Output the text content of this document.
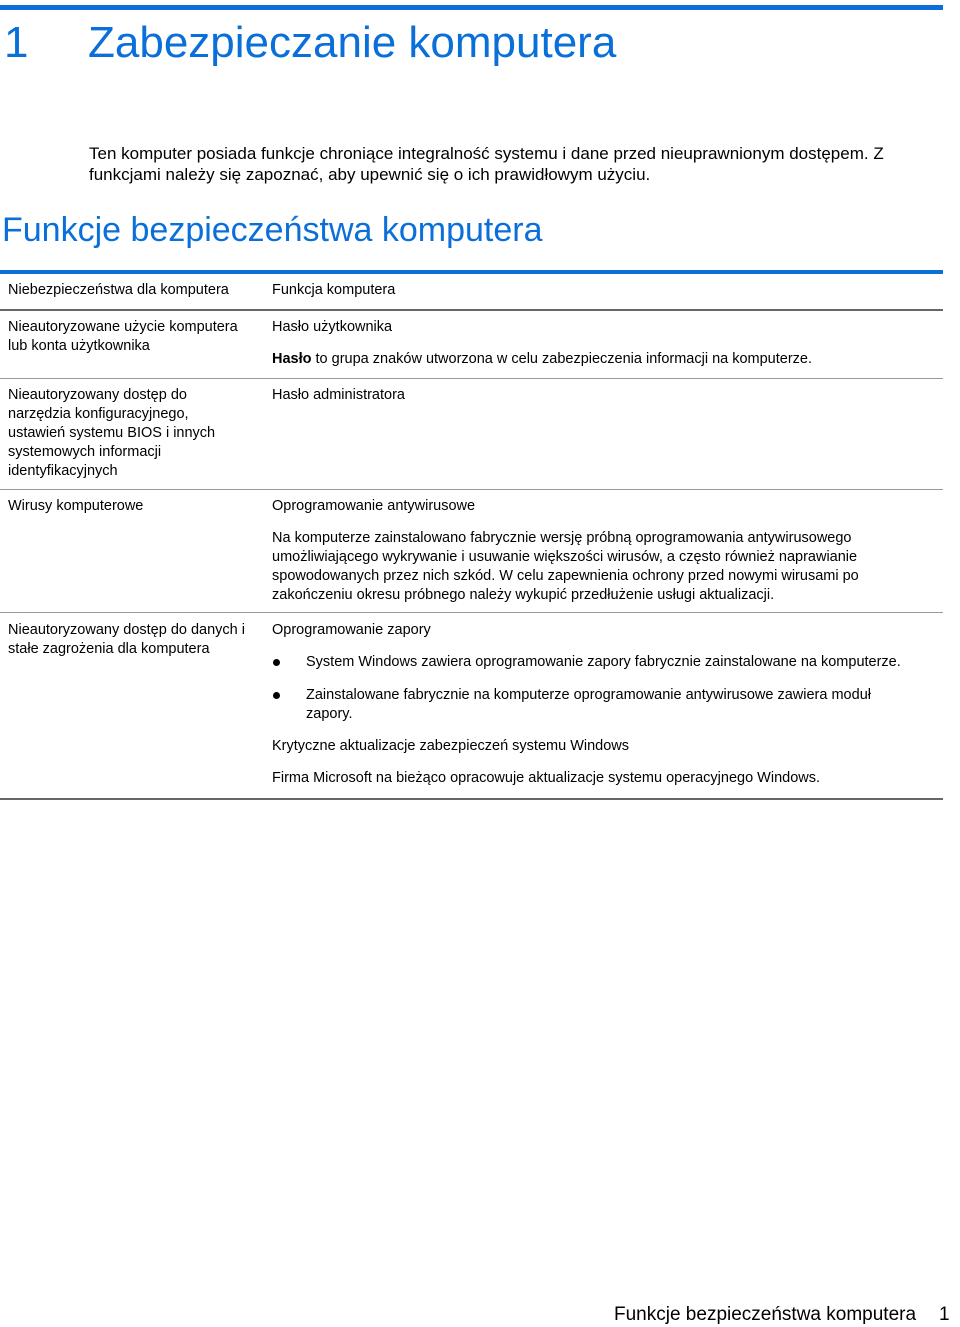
1 Zabezpieczanie komputera

Ten komputer posiada funkcje chroniące integralność systemu i dane przed nieuprawnionym dostępem. Z funkcjami należy się zapoznać, aby upewnić się o ich prawidłowym użyciu.

Funkcje bezpieczeństwa komputera

Niebezpieczeństwa dla komputera	Funkcja komputera

Nieautoryzowane użycie komputera lub konta użytkownika

Hasło użytkownika

Hasło to grupa znaków utworzona w celu zabezpieczenia informacji na komputerze.

Nieautoryzowany dostęp do narzędzia konfiguracyjnego, ustawień systemu BIOS i innych systemowych informacji identyfikacyjnych

Hasło administratora

Wirusy komputerowe	Oprogramowanie antywirusowe

Na komputerze zainstalowano fabrycznie wersję próbną oprogramowania antywirusowego umożliwiającego wykrywanie i usuwanie większości wirusów, a często również naprawianie spowodowanych przez nich szkód. W celu zapewnienia ochrony przed nowymi wirusami po zakończeniu okresu próbnego należy wykupić przedłużenie usługi aktualizacji.

Nieautoryzowany dostęp do danych i stałe zagrożenia dla komputera

Oprogramowanie zapory

System Windows zawiera oprogramowanie zapory fabrycznie zainstalowane na komputerze.

Zainstalowane fabrycznie na komputerze oprogramowanie antywirusowe zawiera moduł zapory.

Krytyczne aktualizacje zabezpieczeń systemu Windows

Firma Microsoft na bieżąco opracowuje aktualizacje systemu operacyjnego Windows.

Funkcje bezpieczeństwa komputera 1
